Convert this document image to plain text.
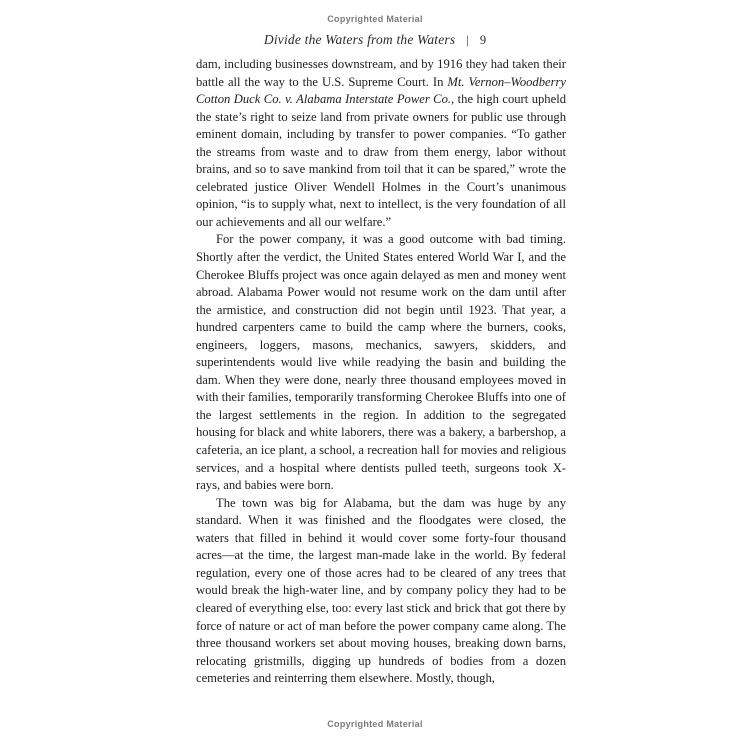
Copyrighted Material
Divide the Waters from the Waters | 9

dam, including businesses downstream, and by 1916 they had taken their battle all the way to the U.S. Supreme Court. In Mt. Vernon–Woodberry Cotton Duck Co. v. Alabama Interstate Power Co., the high court upheld the state’s right to seize land from private owners for public use through eminent domain, including by transfer to power companies. “To gather the streams from waste and to draw from them energy, labor without brains, and so to save mankind from toil that it can be spared,” wrote the celebrated justice Oliver Wendell Holmes in the Court’s unanimous opinion, “is to supply what, next to intellect, is the very foundation of all our achievements and all our welfare.”

For the power company, it was a good outcome with bad timing. Shortly after the verdict, the United States entered World War I, and the Cherokee Bluffs project was once again delayed as men and money went abroad. Alabama Power would not resume work on the dam until after the armistice, and construction did not begin until 1923. That year, a hundred carpenters came to build the camp where the burners, cooks, engineers, loggers, masons, mechanics, sawyers, skidders, and superintendents would live while readying the basin and building the dam. When they were done, nearly three thousand employees moved in with their families, temporarily transforming Cherokee Bluffs into one of the largest settlements in the region. In addition to the segregated housing for black and white laborers, there was a bakery, a barbershop, a cafeteria, an ice plant, a school, a recreation hall for movies and religious services, and a hospital where dentists pulled teeth, surgeons took X-rays, and babies were born.

The town was big for Alabama, but the dam was huge by any standard. When it was finished and the floodgates were closed, the waters that filled in behind it would cover some forty-four thousand acres—at the time, the largest man-made lake in the world. By federal regulation, every one of those acres had to be cleared of any trees that would break the high-water line, and by company policy they had to be cleared of everything else, too: every last stick and brick that got there by force of nature or act of man before the power company came along. The three thousand workers set about moving houses, breaking down barns, relocating gristmills, digging up hundreds of bodies from a dozen cemeteries and reinterring them elsewhere. Mostly, though,

Copyrighted Material
